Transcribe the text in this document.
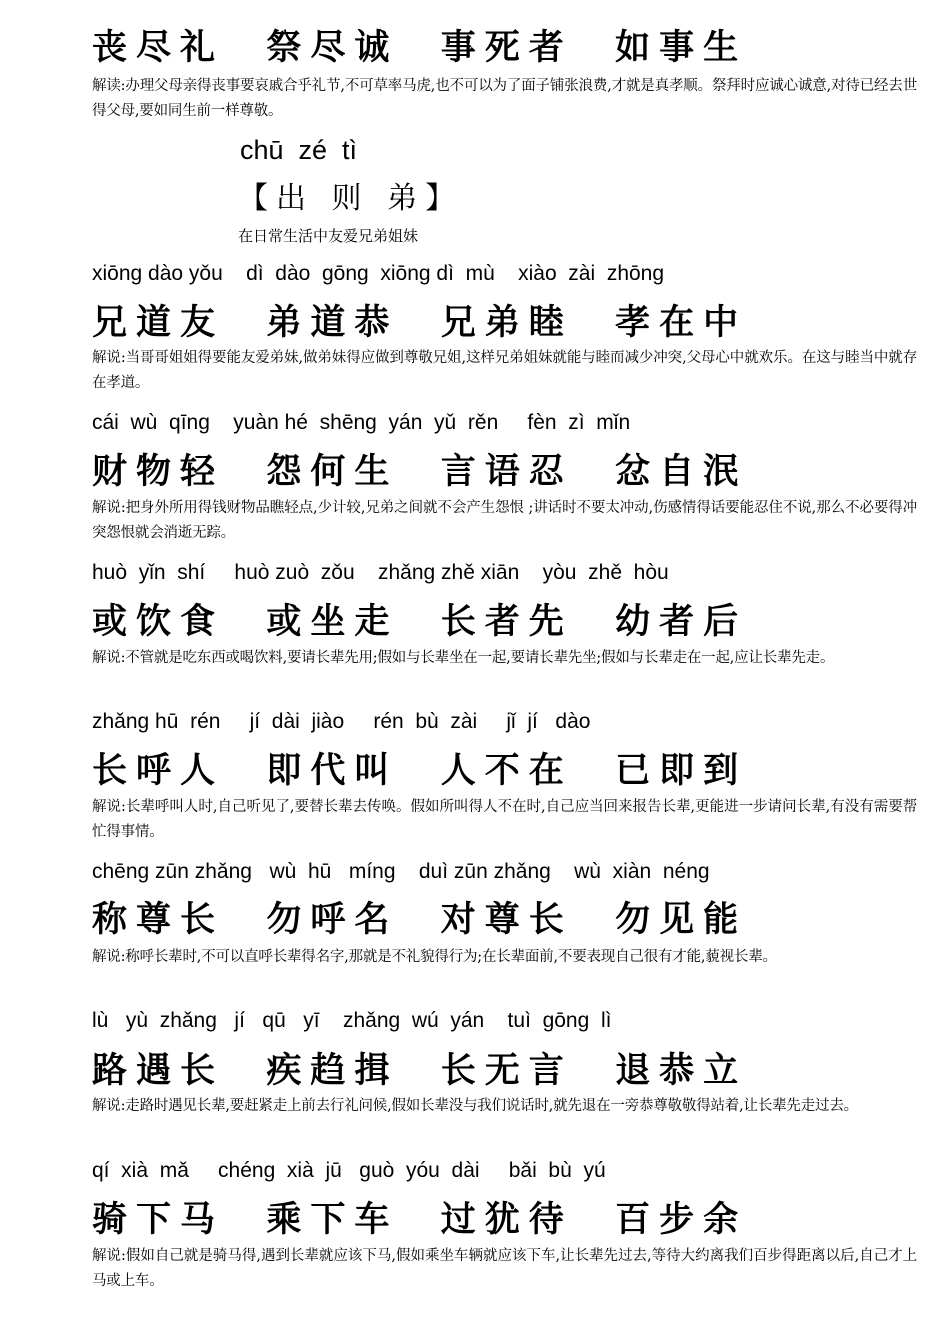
丧尽礼  祭尽诚  事死者  如事生

解读:办理父母亲得丧事要哀戚合乎礼节,不可草率马虎,也不可以为了面子铺张浪费,才就是真孝顺。祭拜时应诚心诚意,对待已经去世得父母,要如同生前一样尊敬。

chū  zé  tì

【出 则 弟】

在日常生活中友爱兄弟姐妹

xiōng dào yǒu    dì  dào  gōng  xiōng dì  mù    xiào  zài  zhōng

兄道友  弟道恭  兄弟睦  孝在中

解说:当哥哥姐姐得要能友爱弟妹,做弟妹得应做到尊敬兄姐,这样兄弟姐妹就能与睦而减少冲突,父母心中就欢乐。在这与睦当中就存在孝道。

cái  wù  qīng    yuàn hé  shēng  yán  yǔ  rěn     fèn  zì  mǐn

财物轻  怨何生  言语忍  忿自泯

解说:把身外所用得钱财物品瞧轻点,少计较,兄弟之间就不会产生怨恨 ;讲话时不要太冲动,伤感情得话要能忍住不说,那么不必要得冲突怨恨就会消逝无踪。

huò  yǐn  shí     huò zuò  zǒu    zhǎng zhě xiān    yòu  zhě  hòu

或饮食  或坐走  长者先  幼者后

解说:不管就是吃东西或喝饮料,要请长辈先用;假如与长辈坐在一起,要请长辈先坐;假如与长辈走在一起,应让长辈先走。

zhǎng hū  rén     jí  dài  jiào     rén  bù  zài     jǐ  jí   dào

长呼人  即代叫  人不在  已即到

解说:长辈呼叫人时,自己听见了,要替长辈去传唤。假如所叫得人不在时,自己应当回来报告长辈,更能进一步请问长辈,有没有需要帮忙得事情。

chēng zūn zhǎng   wù  hū   míng    duì zūn zhǎng    wù  xiàn  néng

称尊长  勿呼名  对尊长  勿见能

解说:称呼长辈时,不可以直呼长辈得名字,那就是不礼貌得行为;在长辈面前,不要表现自己很有才能,藐视长辈。

lù   yù  zhǎng   jí   qū   yī    zhǎng  wú  yán    tuì  gōng  lì

路遇长  疾趋揖  长无言  退恭立

解说:走路时遇见长辈,要赶紧走上前去行礼问候,假如长辈没与我们说话时,就先退在一旁恭尊敬敬得站着,让长辈先走过去。

qí  xià  mǎ     chéng  xià  jū   guò  yóu  dài     bǎi  bù  yú

骑下马  乘下车  过犹待  百步余

解说:假如自己就是骑马得,遇到长辈就应该下马,假如乘坐车辆就应该下车,让长辈先过去,等待大约离我们百步得距离以后,自己才上马或上车。
